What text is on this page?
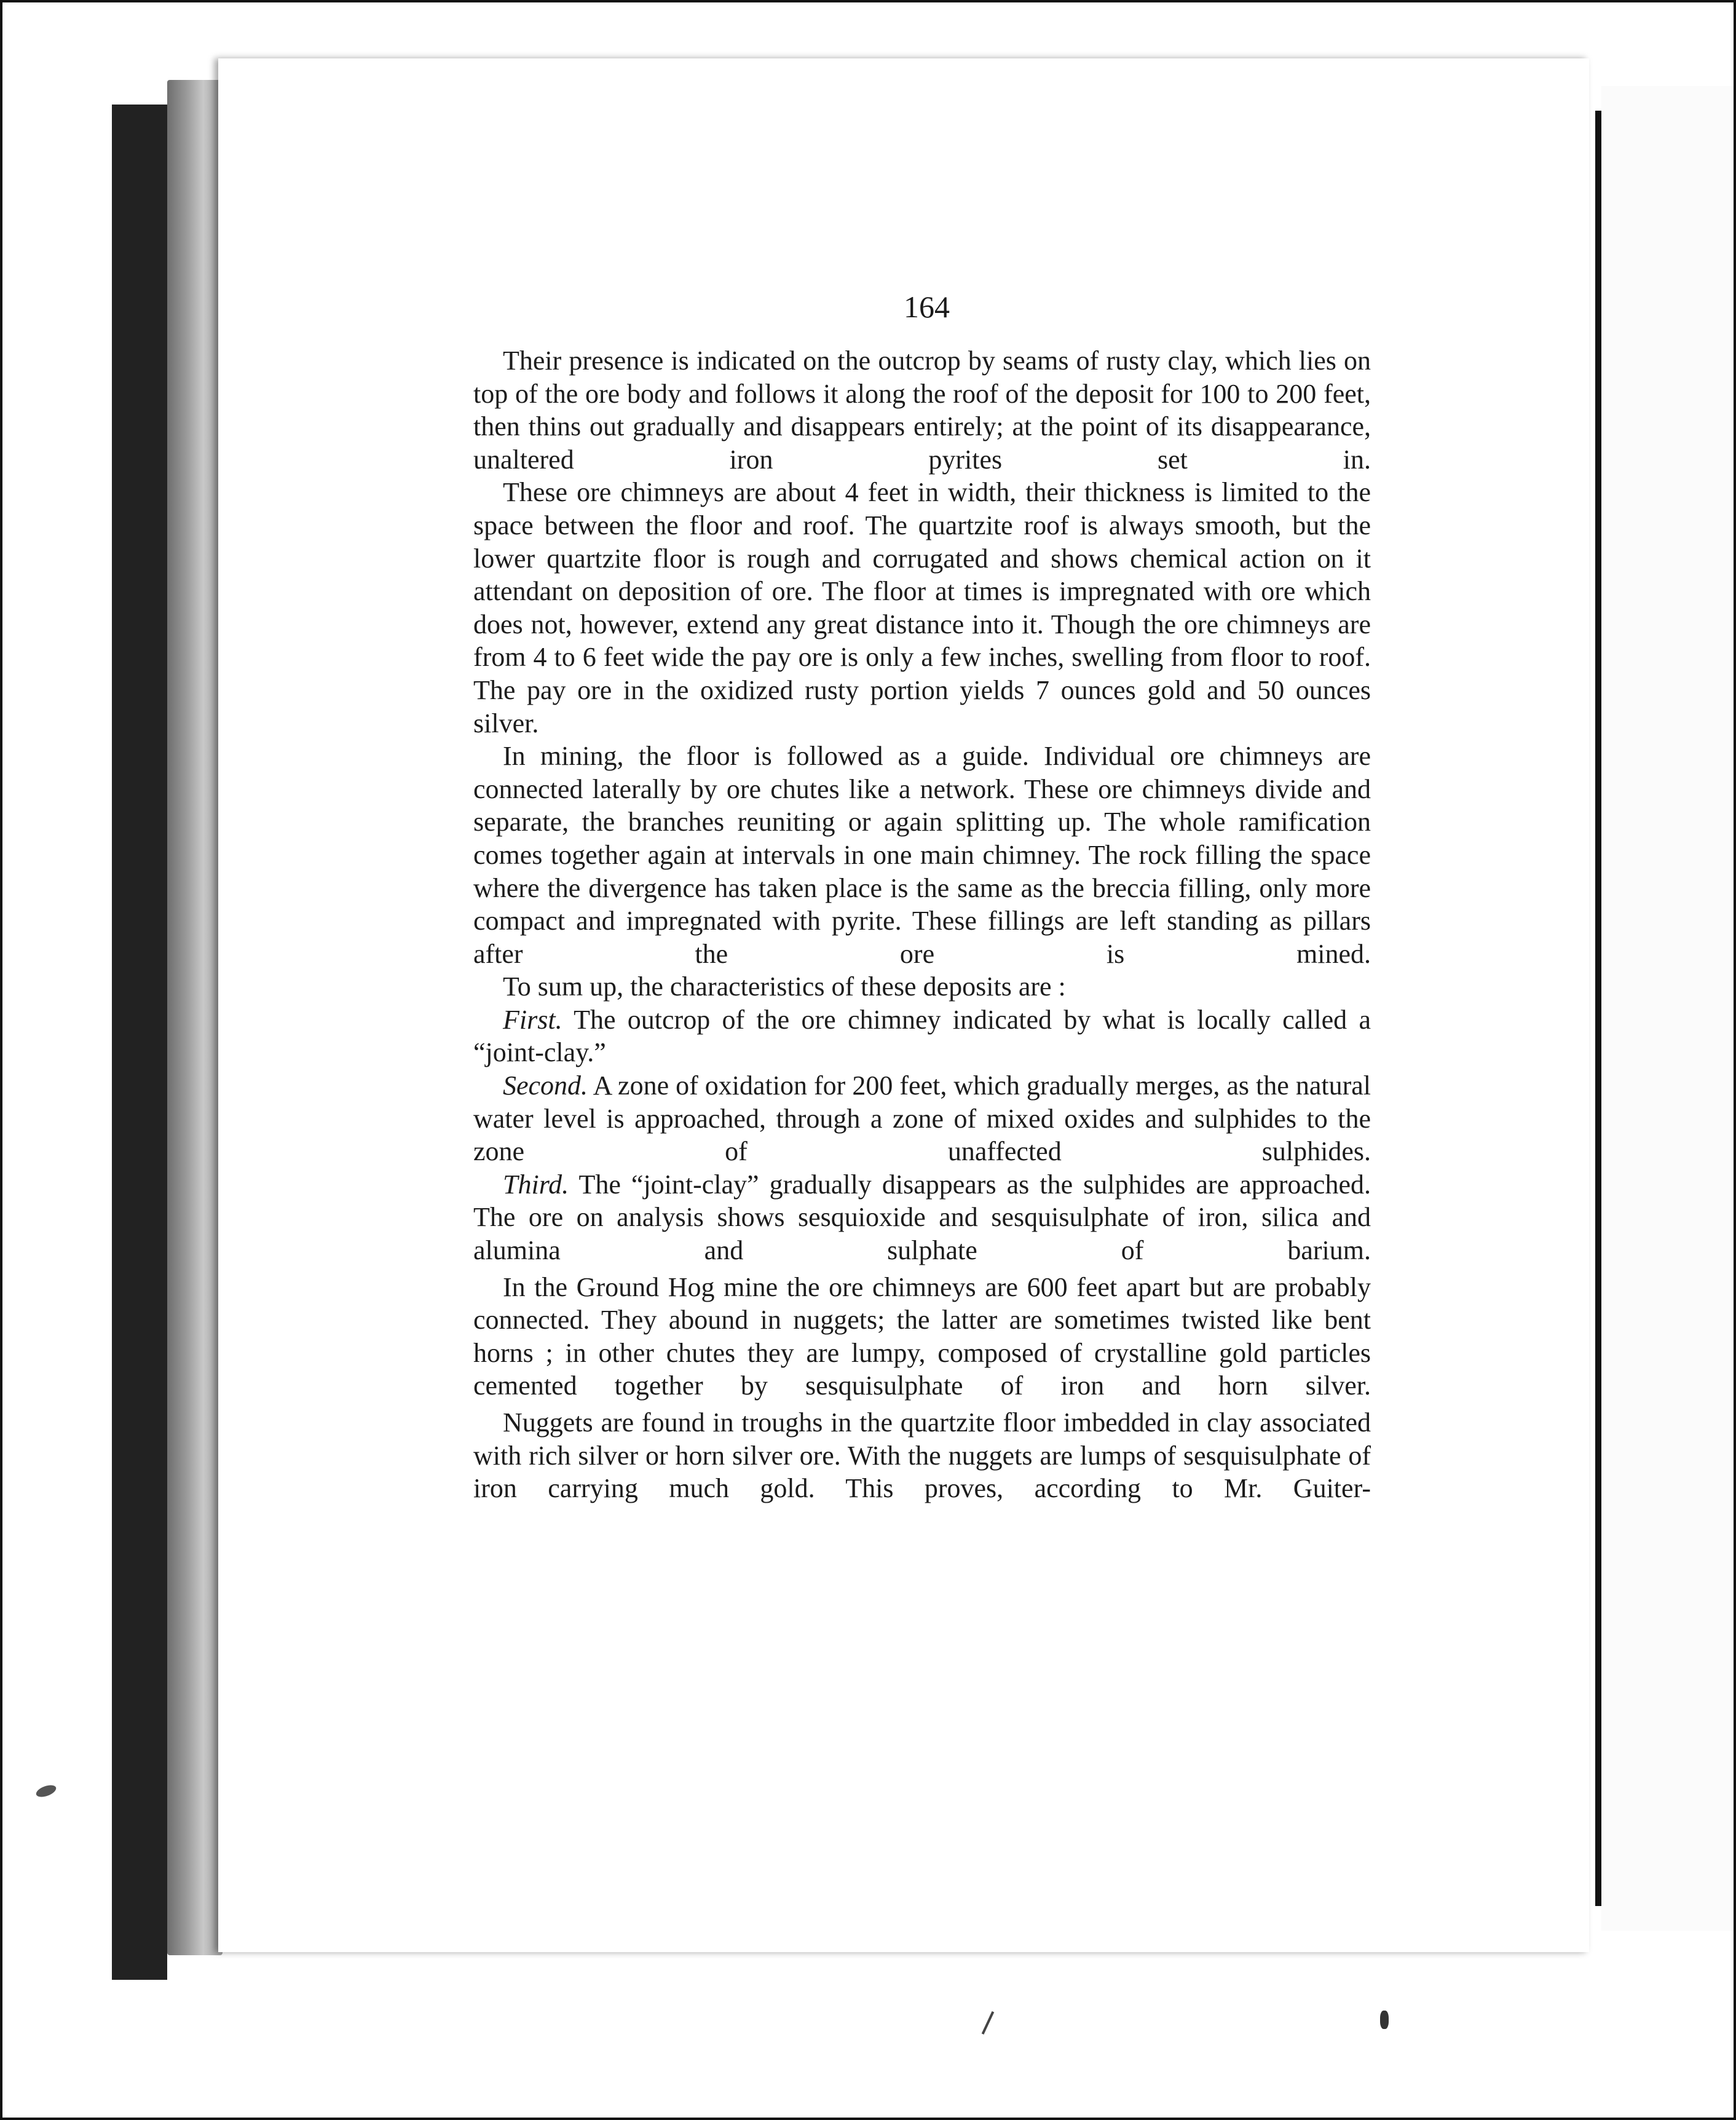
164

Their presence is indicated on the outcrop by seams of rusty clay, which lies on top of the ore body and follows it along the roof of the deposit for 100 to 200 feet, then thins out gradually and disappears entirely; at the point of its disappearance, unaltered iron pyrites set in.

These ore chimneys are about 4 feet in width, their thickness is limited to the space between the floor and roof. The quartzite roof is always smooth, but the lower quartzite floor is rough and corrugated and shows chemical action on it attendant on deposition of ore. The floor at times is impregnated with ore which does not, however, extend any great distance into it. Though the ore chimneys are from 4 to 6 feet wide the pay ore is only a few inches, swelling from floor to roof. The pay ore in the oxidized rusty portion yields 7 ounces gold and 50 ounces silver.

In mining, the floor is followed as a guide. Individual ore chimneys are connected laterally by ore chutes like a network. These ore chimneys divide and separate, the branches reuniting or again splitting up. The whole ramification comes together again at intervals in one main chimney. The rock filling the space where the divergence has taken place is the same as the breccia filling, only more compact and impregnated with pyrite. These fillings are left standing as pillars after the ore is mined.

To sum up, the characteristics of these deposits are :

First. The outcrop of the ore chimney indicated by what is locally called a “joint-clay.”

Second. A zone of oxidation for 200 feet, which gradually merges, as the natural water level is approached, through a zone of mixed oxides and sulphides to the zone of unaffected sulphides.

Third. The “joint-clay” gradually disappears as the sulphides are approached. The ore on analysis shows sesquioxide and sesquisulphate of iron, silica and alumina and sulphate of barium.

In the Ground Hog mine the ore chimneys are 600 feet apart but are probably connected. They abound in nuggets; the latter are sometimes twisted like bent horns ; in other chutes they are lumpy, composed of crystalline gold particles cemented together by sesquisulphate of iron and horn silver.

Nuggets are found in troughs in the quartzite floor imbedded in clay associated with rich silver or horn silver ore. With the nuggets are lumps of sesquisulphate of iron carrying much gold. This proves, according to Mr. Guiter-
